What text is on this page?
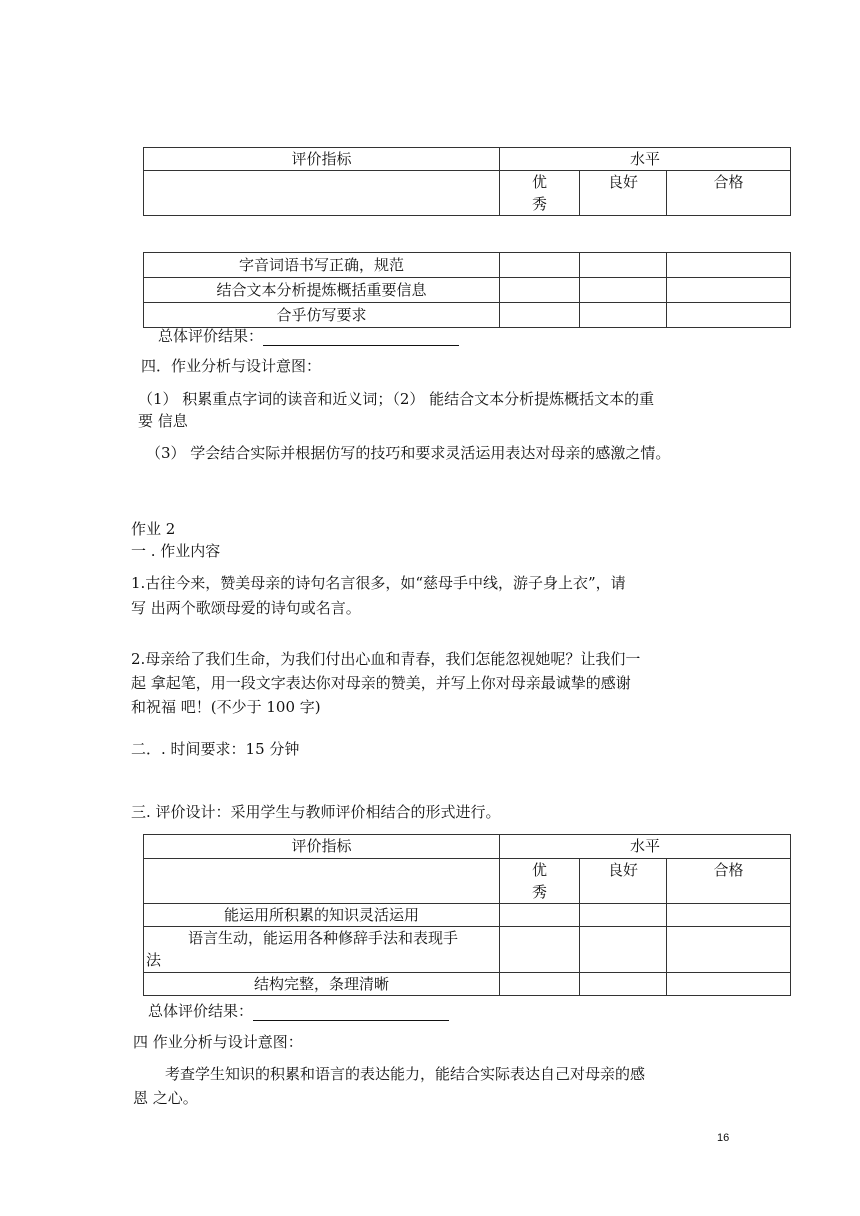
评价指标	水平		

	优秀	良好	合格
字音词语书写正确，规范			
结合文本分析提炼概括重要信息			
合乎仿写要求			
总体评价结果：
四．作业分析与设计意图：
（1） 积累重点字词的读音和近义词；（2） 能结合文本分析提炼概括文本的重
要 信息
（3） 学会结合实际并根据仿写的技巧和要求灵活运用表达对母亲的感激之情。
作业 2
一 . 作业内容
1.古往今来，赞美母亲的诗句名言很多，如“慈母手中线，游子身上衣”，请
写 出两个歌颂母爱的诗句或名言。
2.母亲给了我们生命，为我们付出心血和青春，我们怎能忽视她呢？让我们一
起 拿起笔，用一段文字表达你对母亲的赞美，并写上你对母亲最诚挚的感谢
和祝福 吧！(不少于 100 字)
二．. 时间要求：15 分钟
三. 评价设计：采用学生与教师评价相结合的形式进行。
评价指标	水平		

	优秀	良好	合格
能运用所积累的知识灵活运用			

语言生动，能运用各种修辞手法和表现手
法			

结构完整，条理清晰			
总体评价结果：
四 作业分析与设计意图：
考查学生知识的积累和语言的表达能力，能结合实际表达自己对母亲的感
恩 之心。
16
